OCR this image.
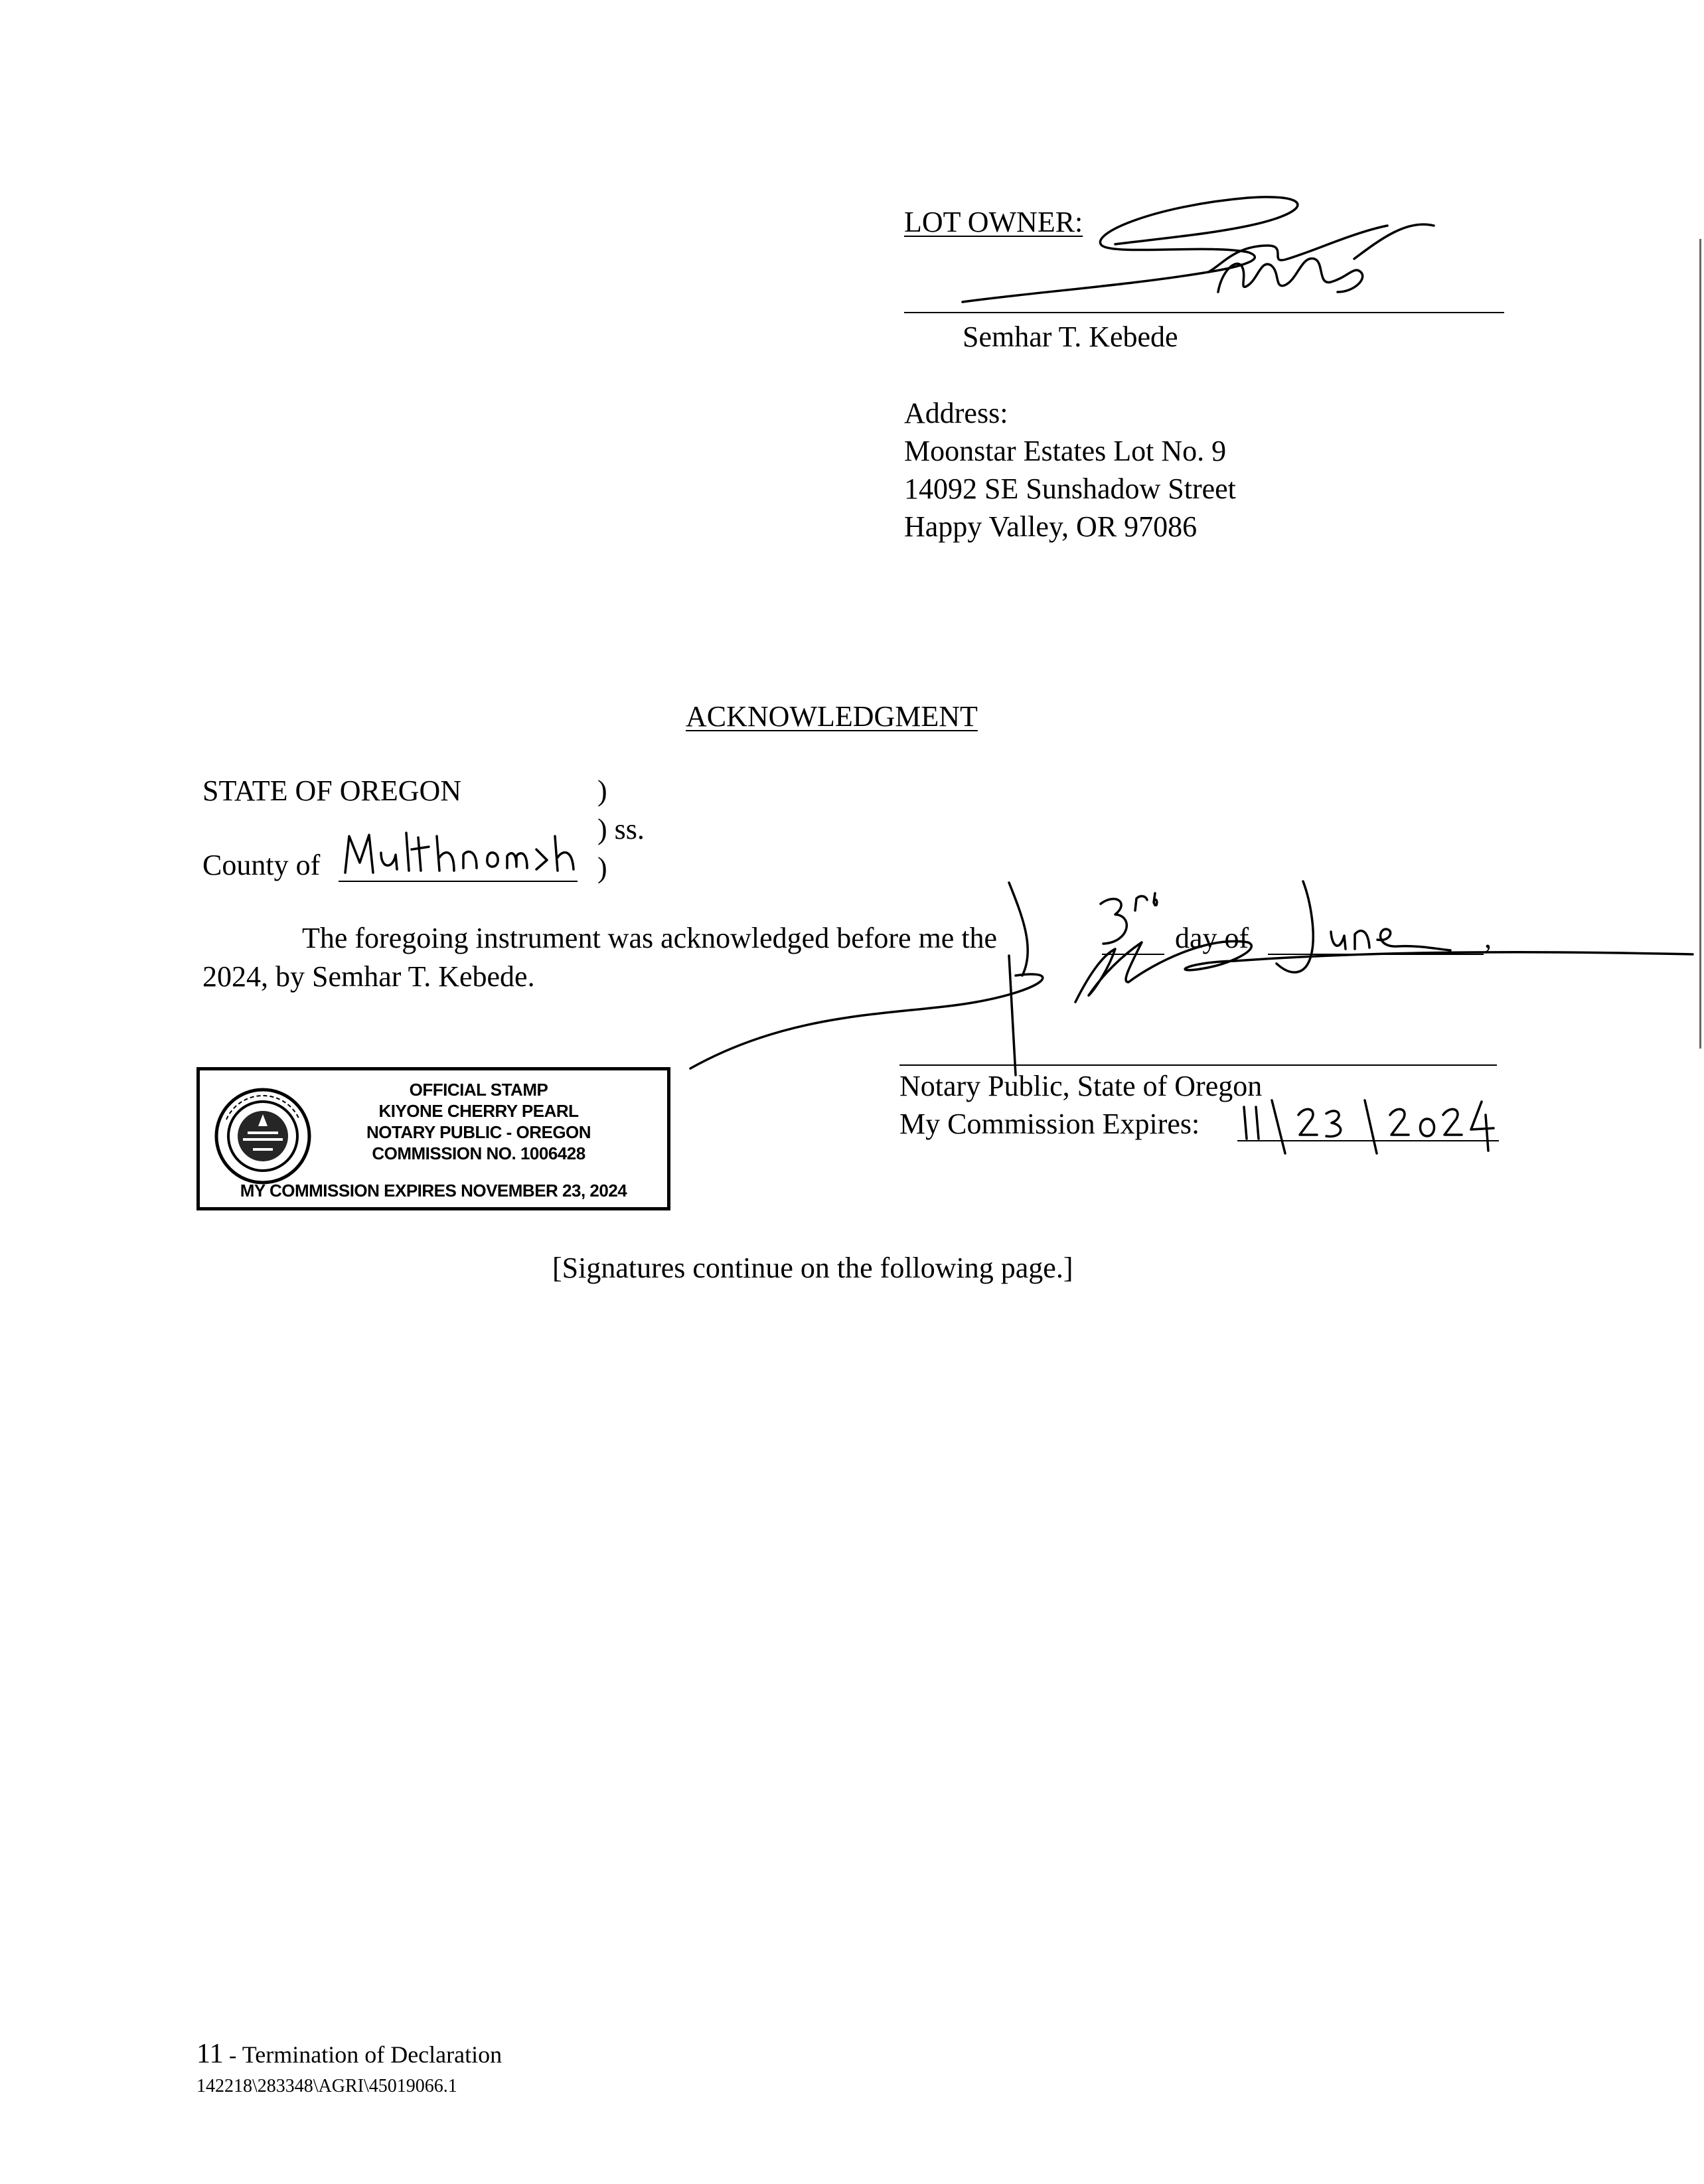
LOT OWNER:
Semhar T. Kebede
Address:
Moonstar Estates Lot No. 9
14092 SE Sunshadow Street
Happy Valley, OR 97086
ACKNOWLEDGMENT
STATE OF OREGON	)
) ss.
)
County of
The foregoing instrument was acknowledged before me the	day of	,
2024, by Semhar T. Kebede.
Notary Public, State of Oregon
My Commission Expires:
OFFICIAL STAMP
KIYONE CHERRY PEARL
NOTARY PUBLIC - OREGON
COMMISSION NO. 1006428
MY COMMISSION EXPIRES NOVEMBER 23, 2024
[Signatures continue on the following page.]
11 - Termination of Declaration
142218\283348\AGRI\45019066.1
